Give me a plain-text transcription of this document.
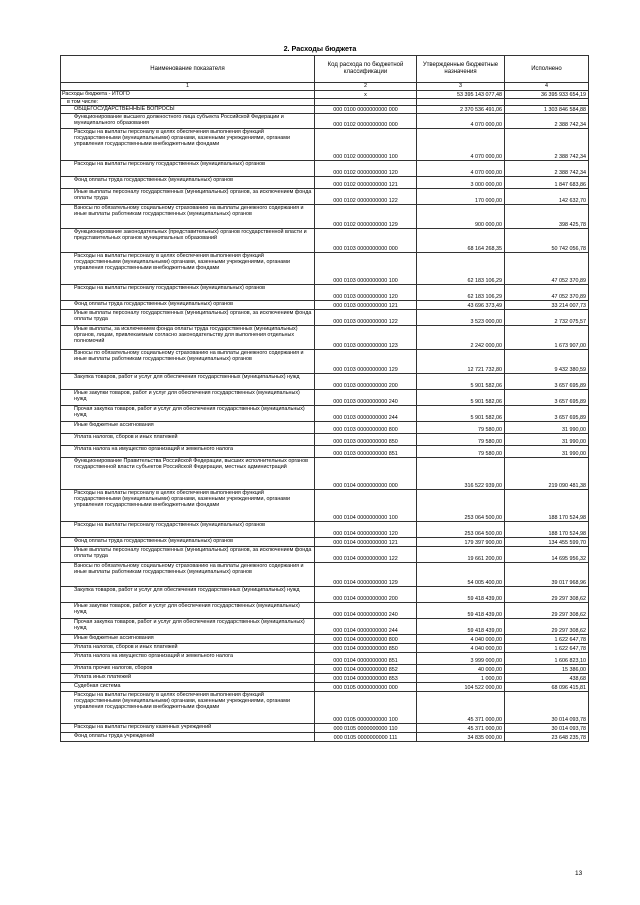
2. Расходы бюджета
Наименование показателя	Код расхода по бюджетной классификации	Утвержденные бюджетные назначения	Исполнено
1	2	3	4
Расходы бюджета - ИТОГО	x	53 395 143 077,48	36 395 933 654,19
в том числе:			
ОБЩЕГОСУДАРСТВЕННЫЕ ВОПРОСЫ	000 0100 0000000000 000	2 370 536 491,06	1 303 846 584,88
Функционирование высшего должностного лица субъекта Российской Федерации и муниципального образования	000 0102 0000000000 000	4 070 000,00	2 388 742,34
Расходы на выплаты персоналу в целях обеспечения выполнения функций государственными (муниципальными) органами, казенными учреждениями, органами управления государственными внебюджетными фондами	000 0102 0000000000 100	4 070 000,00	2 388 742,34
Расходы на выплаты персоналу государственных (муниципальных) органов	000 0102 0000000000 120	4 070 000,00	2 388 742,34
Фонд оплаты труда государственных (муниципальных) органов	000 0102 0000000000 121	3 000 000,00	1 847 683,86
Иные выплаты персоналу государственных (муниципальных) органов, за исключением фонда оплаты труда	000 0102 0000000000 122	170 000,00	142 632,70
Взносы по обязательному социальному страхованию на выплаты денежного содержания и иные выплаты работникам государственных (муниципальных) органов	000 0102 0000000000 129	900 000,00	398 425,78
Функционирование законодательных (представительных) органов государственной власти и представительных органов муниципальных образований	000 0103 0000000000 000	68 164 268,35	50 742 056,78
Расходы на выплаты персоналу в целях обеспечения выполнения функций государственными (муниципальными) органами, казенными учреждениями, органами управления государственными внебюджетными фондами	000 0103 0000000000 100	62 183 106,29	47 052 370,89
Расходы на выплаты персоналу государственных (муниципальных) органов	000 0103 0000000000 120	62 183 106,29	47 052 370,89
Фонд оплаты труда государственных (муниципальных) органов	000 0103 0000000000 121	43 696 373,49	33 214 007,73
Иные выплаты персоналу государственных (муниципальных) органов, за исключением фонда оплаты труда	000 0103 0000000000 122	3 523 000,00	2 732 075,57
Иные выплаты, за исключением фонда оплаты труда государственных (муниципальных) органов, лицам, привлекаемым согласно законодательству для выполнения отдельных полномочий	000 0103 0000000000 123	2 242 000,00	1 673 907,00
Взносы по обязательному социальному страхованию на выплаты денежного содержания и иные выплаты работникам государственных (муниципальных) органов	000 0103 0000000000 129	12 721 732,80	9 432 380,59
Закупка товаров, работ и услуг для обеспечения государственных (муниципальных) нужд	000 0103 0000000000 200	5 901 582,06	3 657 695,89
Иные закупки товаров, работ и услуг для обеспечения государственных (муниципальных) нужд	000 0103 0000000000 240	5 901 582,06	3 657 695,89
Прочая закупка товаров, работ и услуг для обеспечения государственных (муниципальных) нужд	000 0103 0000000000 244	5 901 582,06	3 657 695,89
Иные бюджетные ассигнования	000 0103 0000000000 800	79 580,00	31 990,00
Уплата налогов, сборов и иных платежей	000 0103 0000000000 850	79 580,00	31 990,00
Уплата налога на имущество организаций и земельного налога	000 0103 0000000000 851	79 580,00	31 990,00
Функционирование Правительства Российской Федерации, высших исполнительных органов государственной власти субъектов Российской Федерации, местных администраций	000 0104 0000000000 000	316 522 939,00	219 090 481,38
Расходы на выплаты персоналу в целях обеспечения выполнения функций государственными (муниципальными) органами, казенными учреждениями, органами управления государственными внебюджетными фондами	000 0104 0000000000 100	253 064 500,00	188 170 524,98
Расходы на выплаты персоналу государственных (муниципальных) органов	000 0104 0000000000 120	253 064 500,00	188 170 524,98
Фонд оплаты труда государственных (муниципальных) органов	000 0104 0000000000 121	179 397 900,00	134 455 599,70
Иные выплаты персоналу государственных (муниципальных) органов, за исключением фонда оплаты труда	000 0104 0000000000 122	19 661 200,00	14 695 956,32
Взносы по обязательному социальному страхованию на выплаты денежного содержания и иные выплаты работникам государственных (муниципальных) органов	000 0104 0000000000 129	54 005 400,00	39 017 968,96
Закупка товаров, работ и услуг для обеспечения государственных (муниципальных) нужд	000 0104 0000000000 200	59 418 439,00	29 297 308,62
Иные закупки товаров, работ и услуг для обеспечения государственных (муниципальных) нужд	000 0104 0000000000 240	59 418 439,00	29 297 308,62
Прочая закупка товаров, работ и услуг для обеспечения государственных (муниципальных) нужд	000 0104 0000000000 244	59 418 439,00	29 297 308,62
Иные бюджетные ассигнования	000 0104 0000000000 800	4 040 000,00	1 622 647,78
Уплата налогов, сборов и иных платежей	000 0104 0000000000 850	4 040 000,00	1 622 647,78
Уплата налога на имущество организаций и земельного налога	000 0104 0000000000 851	3 999 000,00	1 606 823,10
Уплата прочих налогов, сборов	000 0104 0000000000 852	40 000,00	15 386,00
Уплата иных платежей	000 0104 0000000000 853	1 000,00	438,68
Судебная система	000 0105 0000000000 000	104 522 000,00	68 096 415,81
Расходы на выплаты персоналу в целях обеспечения выполнения функций государственными (муниципальными) органами, казенными учреждениями, органами управления государственными внебюджетными фондами	000 0105 0000000000 100	45 371 000,00	30 014 093,78
Расходы на выплаты персоналу казенных учреждений	000 0105 0000000000 110	45 371 000,00	30 014 093,78
Фонд оплаты труда учреждений	000 0105 0000000000 111	34 835 000,00	23 648 235,78
13
